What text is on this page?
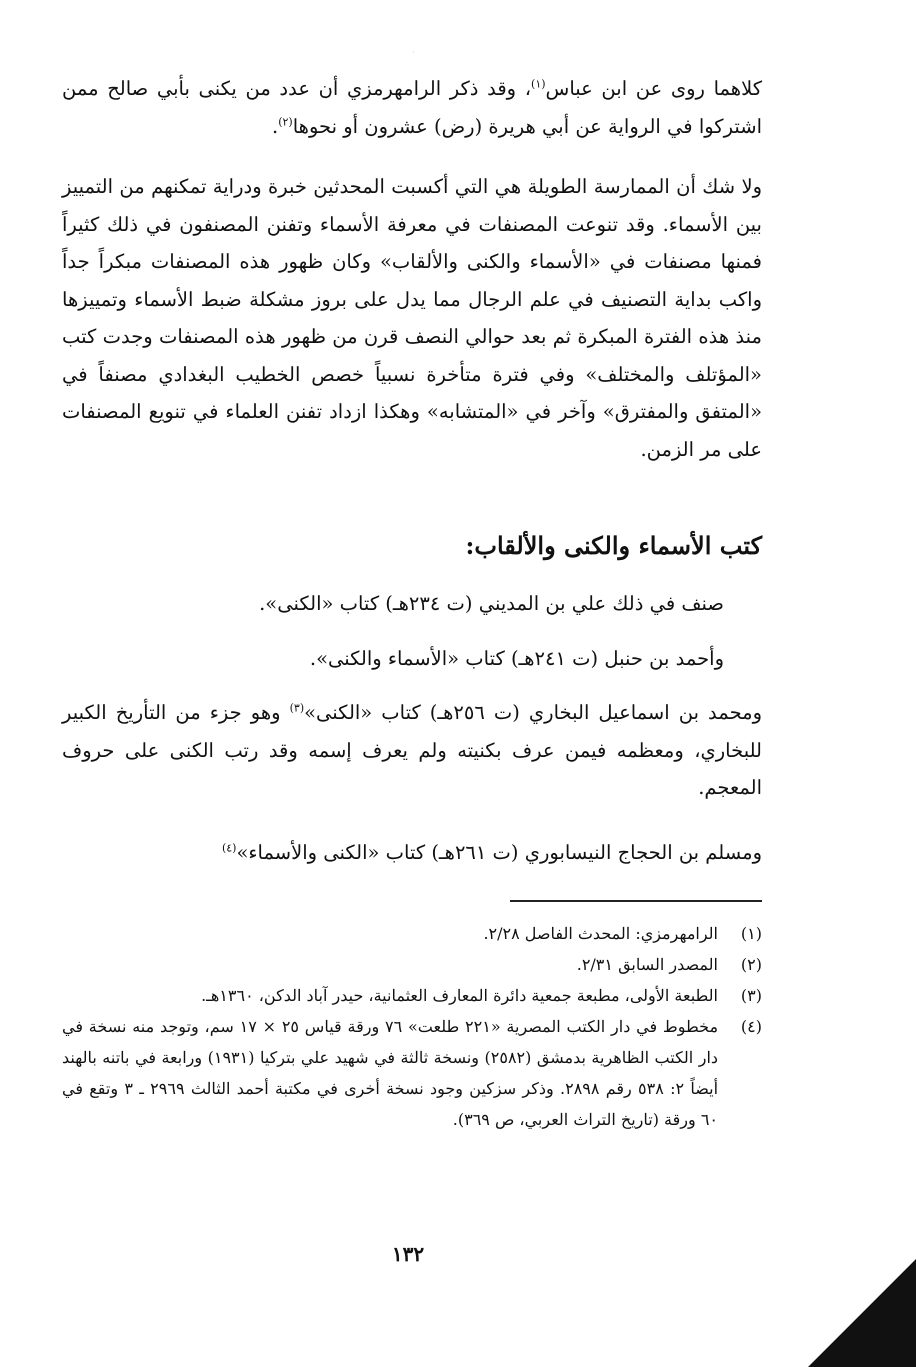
·

كلاهما روى عن ابن عباس$^{(١)}$، وقد ذكر الرامهرمزي أن عدد من يكنى بأبي صالح ممن اشتركوا في الرواية عن أبي هريرة (رض) عشرون أو نحوها$^{(٢)}$.

ولا شك أن الممارسة الطويلة هي التي أكسبت المحدثين خبرة ودراية تمكنهم من التمييز بين الأسماء. وقد تنوعت المصنفات في معرفة الأسماء وتفنن المصنفون في ذلك كثيراً فمنها مصنفات في «الأسماء والكنى والألقاب» وكان ظهور هذه المصنفات مبكراً جداً واكب بداية التصنيف في علم الرجال مما يدل على بروز مشكلة ضبط الأسماء وتمييزها منذ هذه الفترة المبكرة ثم بعد حوالي النصف قرن من ظهور هذه المصنفات وجدت كتب «المؤتلف والمختلف» وفي فترة متأخرة نسبياً خصص الخطيب البغدادي مصنفاً في «المتفق والمفترق» وآخر في «المتشابه» وهكذا ازداد تفنن العلماء في تنويع المصنفات على مر الزمن.

كتب الأسماء والكنى والألقاب:

صنف في ذلك علي بن المديني (ت ٢٣٤هـ) كتاب «الكنى».

وأحمد بن حنبل (ت ٢٤١هـ) كتاب «الأسماء والكنى».

ومحمد بن اسماعيل البخاري (ت ٢٥٦هـ) كتاب «الكنى»$^{(٣)}$ وهو جزء من التأريخ الكبير للبخاري، ومعظمه فيمن عرف بكنيته ولم يعرف إسمه وقد رتب الكنى على حروف المعجم.

ومسلم بن الحجاج النيسابوري (ت ٢٦١هـ) كتاب «الكنى والأسماء»$^{(٤)}$

(١)
الرامهرمزي: المحدث الفاصل ٢/٢٨.
(٢)
المصدر السابق ٢/٣١.
(٣)
الطبعة الأولى، مطبعة جمعية دائرة المعارف العثمانية، حيدر آباد الدكن، ١٣٦٠هـ.
(٤)
مخطوط في دار الكتب المصرية «٢٢١ طلعت» ٧٦ ورقة قياس ٢٥ × ١٧ سم، وتوجد منه نسخة في دار الكتب الظاهرية بدمشق (٢٥٨٢) ونسخة ثالثة في شهيد علي بتركيا (١٩٣١) ورابعة في باتنه بالهند أيضاً ٢: ٥٣٨ رقم ٢٨٩٨. وذكر سزكين وجود نسخة أخرى في مكتبة أحمد الثالث ٢٩٦٩ ـ ٣ وتقع في ٦٠ ورقة (تاريخ التراث العربي، ص ٣٦٩).
١٣٢
